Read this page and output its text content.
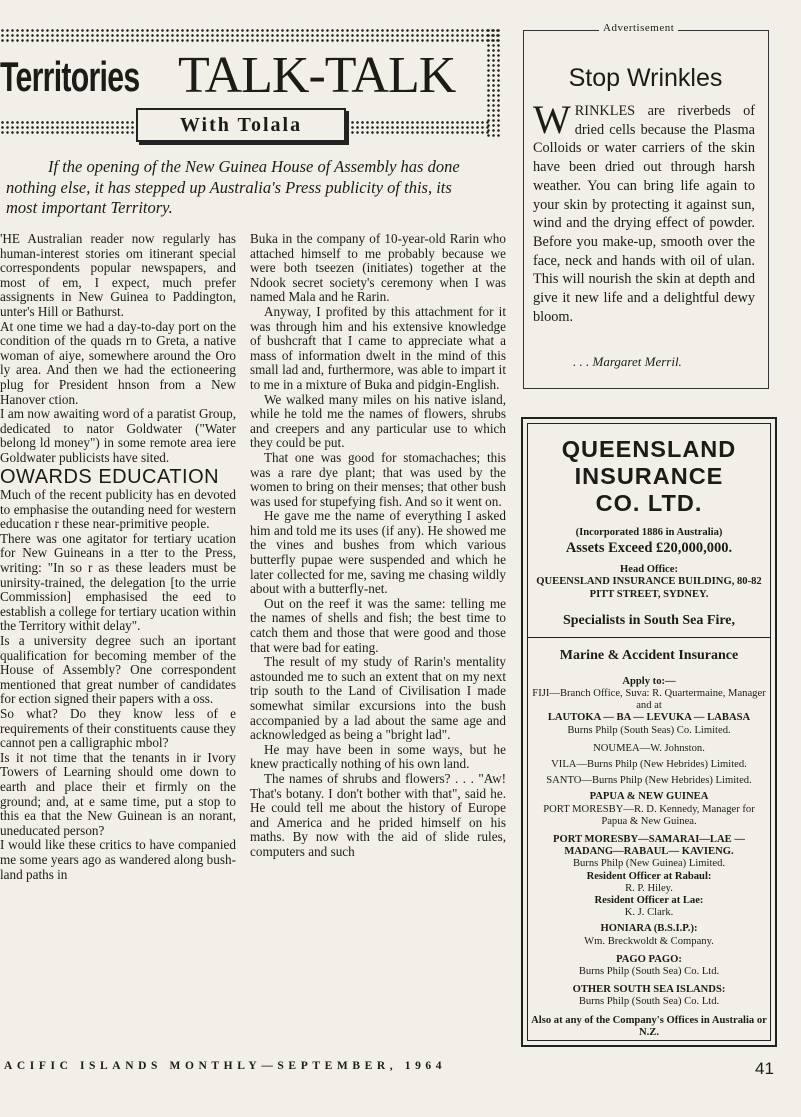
Territories TALK-TALK
With Tolala

If the opening of the New Guinea House of Assembly has done nothing else, it has stepped up Australia's Press publicity of this, its most important Territory.

'HE Australian reader now regularly has human-interest stories om itinerant special correspondents popular newspapers, and most of em, I expect, much prefer assignents in New Guinea to Paddington, unter's Hill or Bathurst.

At one time we had a day-to-day port on the condition of the quads rn to Greta, a native woman of aiye, somewhere around the Oro ly area. And then we had the ectioneering plug for President hnson from a New Hanover ction.

I am now awaiting word of a paratist Group, dedicated to nator Goldwater ("Water belong ld money") in some remote area iere Goldwater publicists have sited.

OWARDS EDUCATION

Much of the recent publicity has en devoted to emphasise the outanding need for western education r these near-primitive people.

There was one agitator for tertiary ucation for New Guineans in a tter to the Press, writing: "In so r as these leaders must be unirsity-trained, the delegation [to the urrie Commission] emphasised the eed to establish a college for tertiary ucation within the Territory withit delay".

Is a university degree such an iportant qualification for becoming member of the House of Assembly? One correspondent mentioned that great number of candidates for ection signed their papers with a oss.

So what? Do they know less of e requirements of their constituents cause they cannot pen a calligraphic mbol?

Is it not time that the tenants in ir Ivory Towers of Learning should ome down to earth and place their et firmly on the ground; and, at e same time, put a stop to this ea that the New Guinean is an norant, uneducated person?

I would like these critics to have companied me some years ago as wandered along bush-land paths in

Buka in the company of 10-year-old Rarin who attached himself to me probably because we were both tseezen (initiates) together at the Ndook secret society's ceremony when I was named Mala and he Rarin.

Anyway, I profited by this attachment for it was through him and his extensive knowledge of bushcraft that I came to appreciate what a mass of information dwelt in the mind of this small lad and, furthermore, was able to impart it to me in a mixture of Buka and pidgin-English.

We walked many miles on his native island, while he told me the names of flowers, shrubs and creepers and any particular use to which they could be put.

That one was good for stomachaches; this was a rare dye plant; that was used by the women to bring on their menses; that other bush was used for stupefying fish. And so it went on.

He gave me the name of everything I asked him and told me its uses (if any). He showed me the vines and bushes from which various butterfly pupae were suspended and which he later collected for me, saving me chasing wildly about with a butterfly-net.

Out on the reef it was the same: telling me the names of shells and fish; the best time to catch them and those that were good and those that were bad for eating.

The result of my study of Rarin's mentality astounded me to such an extent that on my next trip south to the Land of Civilisation I made somewhat similar excursions into the bush accompanied by a lad about the same age and acknowledged as being a "bright lad".

He may have been in some ways, but he knew practically nothing of his own land.

The names of shrubs and flowers? . . . "Aw! That's botany. I don't bother with that", said he. He could tell me about the history of Europe and America and he prided himself on his maths. By now with the aid of slide rules, computers and such

Advertisement
Stop Wrinkles

WRINKLES are riverbeds of dried cells because the Plasma Colloids or water carriers of the skin have been dried out through harsh weather. You can bring life again to your skin by protecting it against sun, wind and the drying effect of powder. Before you make-up, smooth over the face, neck and hands with oil of ulan. This will nourish the skin at depth and give it new life and a delightful dewy bloom.

. . . Margaret Merril.
QUEENSLAND
INSURANCE
CO. LTD.
(Incorporated 1886 in Australia)
Assets Exceed £20,000,000.
Head Office:
QUEENSLAND INSURANCE BUILDING, 80-82 PITT STREET, SYDNEY.
Specialists in South Sea Fire,
Marine & Accident Insurance
Apply to:—
FIJI—Branch Office, Suva: R. Quartermaine, Manager and at
LAUTOKA — BA — LEVUKA — LABASA
Burns Philp (South Seas) Co. Limited.
NOUMEA—W. Johnston.
VILA—Burns Philp (New Hebrides) Limited.
SANTO—Burns Philp (New Hebrides) Limited.
PAPUA & NEW GUINEA
PORT MORESBY—R. D. Kennedy, Manager for Papua & New Guinea.
PORT MORESBY—SAMARAI—LAE —MADANG—RABAUL— KAVIENG.
Burns Philp (New Guinea) Limited.
Resident Officer at Rabaul:
R. P. Hiley.
Resident Officer at Lae:
K. J. Clark.
HONIARA (B.S.I.P.):
Wm. Breckwoldt & Company.
PAGO PAGO:
Burns Philp (South Sea) Co. Ltd.
OTHER SOUTH SEA ISLANDS:
Burns Philp (South Sea) Co. Ltd.
Also at any of the Company's Offices in Australia or N.Z.
ACIFIC ISLANDS MONTHLY—SEPTEMBER, 1964	41
